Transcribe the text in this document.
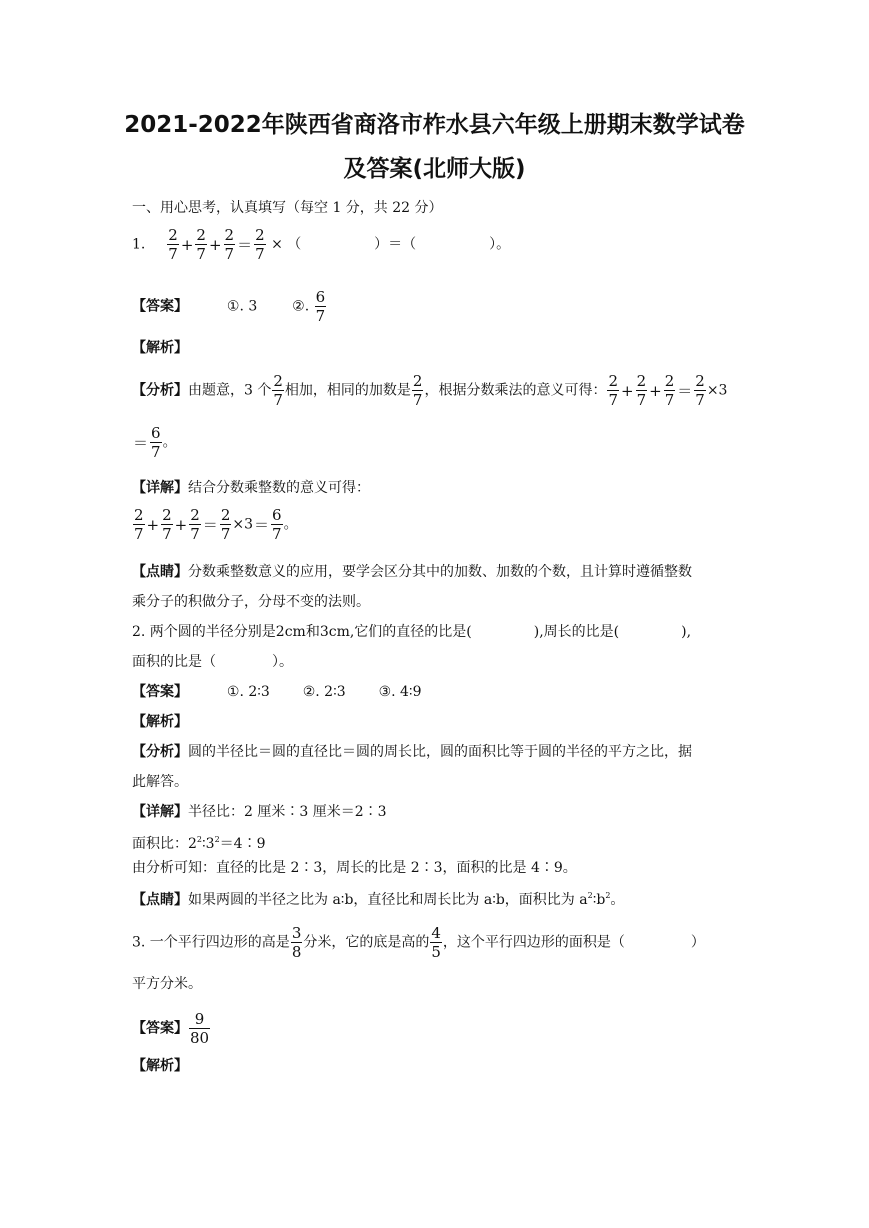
2021-2022年陕西省商洛市柞水县六年级上册期末数学试卷
及答案(北师大版)
一、用心思考，认真填写（每空 1 分，共 22 分）
1. $\frac{2}{7} + \frac{2}{7} + \frac{2}{7} = \frac{2}{7}$ × （	）＝（	）。
【答案】	①. 3 ②. $\frac{6}{7}$
【解析】
【分析】由题意，3 个 $\frac{2}{7}$ 相加，相同的加数是 $\frac{2}{7}$ ，根据分数乘法的意义可得： $\frac{2}{7} + \frac{2}{7} + \frac{2}{7} = \frac{2}{7} \times 3$
＝ $\frac{6}{7}$ 。
【详解】结合分数乘整数的意义可得：
$\frac{2}{7} + \frac{2}{7} + \frac{2}{7} = \frac{2}{7} \times 3= \frac{6}{7}$ 。
【点睛】分数乘整数意义的应用，要学会区分其中的加数、加数的个数，且计算时遵循整数
乘分子的积做分子，分母不变的法则。
2. 两个圆的半径分别是2cm和3cm,它们的直径的比是(	),周长的比是(	),
面积的比是（	）。
【答案】	①. 2∶3 ②. 2∶3 ③. 4∶9
【解析】
【分析】圆的半径比＝圆的直径比＝圆的周长比，圆的面积比等于圆的半径的平方之比，据
此解答。
【详解】半径比：2 厘米∶3 厘米＝2∶3
面积比：$2^2∶3^2=4∶9$
由分析可知：直径的比是 2∶3，周长的比是 2∶3，面积的比是 4∶9。
【点睛】如果两圆的半径之比为 a∶b，直径比和周长比为 a∶b，面积比为 $a^2∶b^2$。
3. 一个平行四边形的高是 $\frac{3}{8}$ 分米，它的底是高的 $\frac{4}{5}$ ，这个平行四边形的面积是（	）
平方分米。
【答案】 $\frac{9}{80}$
【解析】
